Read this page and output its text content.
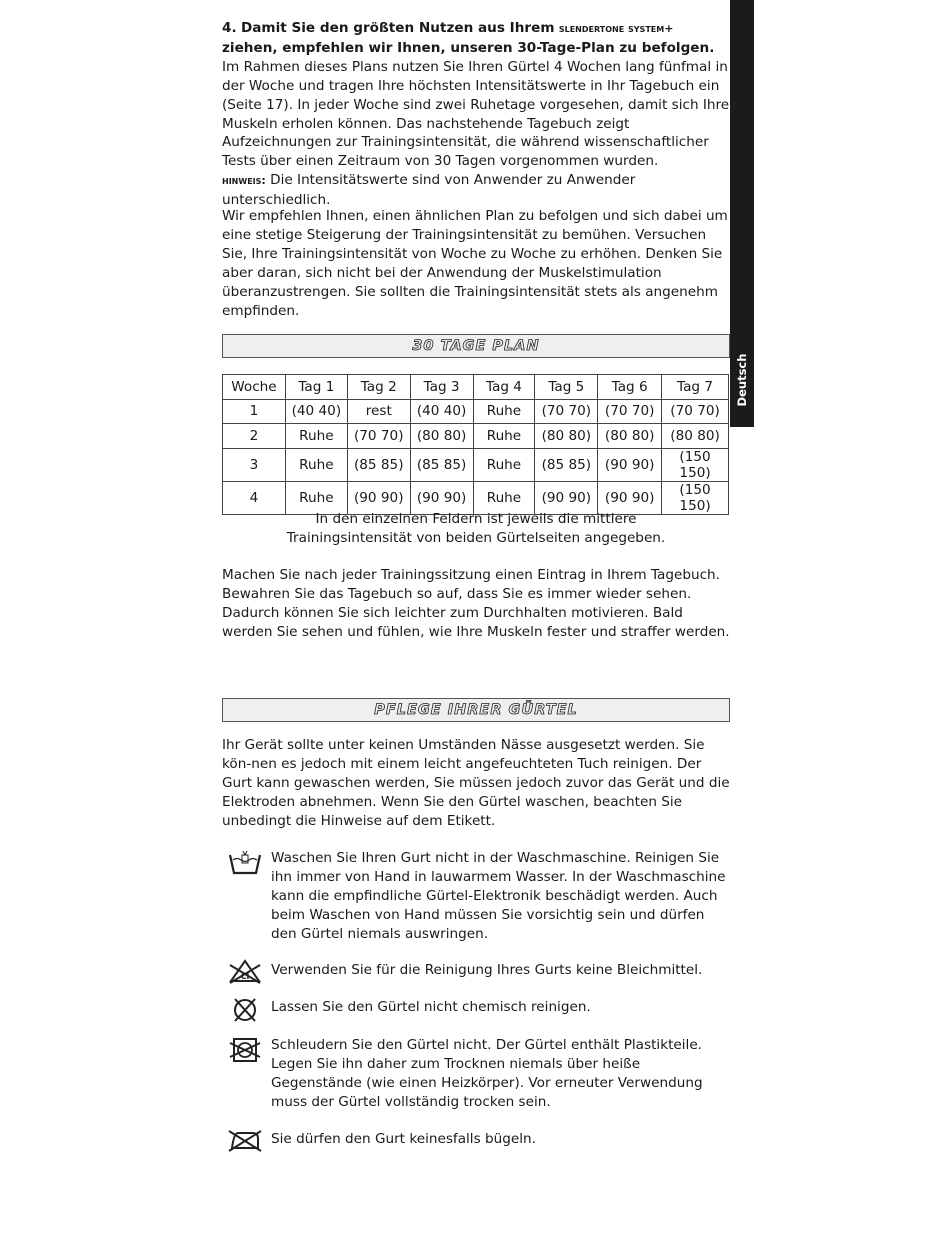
Deutsch

4. Damit Sie den größten Nutzen aus Ihrem slendertone system+ ziehen, empfehlen wir Ihnen, unseren 30-Tage-Plan zu befolgen. Im Rahmen dieses Plans nutzen Sie Ihren Gürtel 4 Wochen lang fünfmal in der Woche und tragen Ihre höchsten Intensitätswerte in Ihr Tagebuch ein (Seite 17). In jeder Woche sind zwei Ruhetage vorgesehen, damit sich Ihre Muskeln erholen können. Das nachstehende Tagebuch zeigt Aufzeichnungen zur Trainingsintensität, die während wissenschaftlicher Tests über einen Zeitraum von 30 Tagen vorgenommen wurden.

hinweis: Die Intensitätswerte sind von Anwender zu Anwender unterschiedlich.

Wir empfehlen Ihnen, einen ähnlichen Plan zu befolgen und sich dabei um eine stetige Steigerung der Trainingsintensität zu bemühen. Versuchen Sie, Ihre Trainingsintensität von Woche zu Woche zu erhöhen. Denken Sie aber daran, sich nicht bei der Anwendung der Muskelstimulation überanzustrengen. Sie sollten die Trainingsintensität stets als angenehm empfinden.

30 TAGE PLAN
Woche	Tag 1	Tag 2	Tag 3	Tag 4	Tag 5	Tag 6	Tag 7
1	(40 40)	rest	(40 40)	Ruhe	(70 70)	(70 70)	(70 70)
2	Ruhe	(70 70)	(80 80)	Ruhe	(80 80)	(80 80)	(80 80)
3	Ruhe	(85 85)	(85 85)	Ruhe	(85 85)	(90 90)	(150 150)
4	Ruhe	(90 90)	(90 90)	Ruhe	(90 90)	(90 90)	(150 150)
In den einzelnen Feldern ist jeweils die mittlere
Trainingsintensität von beiden Gürtelseiten angegeben.

Machen Sie nach jeder Trainingssitzung einen Eintrag in Ihrem Tagebuch. Bewahren Sie das Tagebuch so auf, dass Sie es immer wieder sehen. Dadurch können Sie sich leichter zum Durchhalten motivieren. Bald werden Sie sehen und fühlen, wie Ihre Muskeln fester und straffer werden.

PFLEGE IHRER GÜRTEL

Ihr Gerät sollte unter keinen Umständen Nässe ausgesetzt werden. Sie kön-nen es jedoch mit einem leicht angefeuchteten Tuch reinigen. Der Gurt kann gewaschen werden, Sie müssen jedoch zuvor das Gerät und die Elektroden abnehmen. Wenn Sie den Gürtel waschen, beachten Sie unbedingt die Hinweise auf dem Etikett.

Waschen Sie Ihren Gurt nicht in der Waschmaschine. Reinigen Sie ihn immer von Hand in lauwarmem Wasser. In der Waschmaschine kann die empfindliche Gürtel-Elektronik beschädigt werden. Auch beim Waschen von Hand müssen Sie vorsichtig sein und dürfen den Gürtel niemals auswringen.
Cl Verwenden Sie für die Reinigung Ihres Gurts keine Bleichmittel.
Lassen Sie den Gürtel nicht chemisch reinigen.
Schleudern Sie den Gürtel nicht. Der Gürtel enthält Plastikteile. Legen Sie ihn daher zum Trocknen niemals über heiße Gegenstände (wie einen Heizkörper). Vor erneuter Verwendung muss der Gürtel vollständig trocken sein.
Sie dürfen den Gurt keinesfalls bügeln.
